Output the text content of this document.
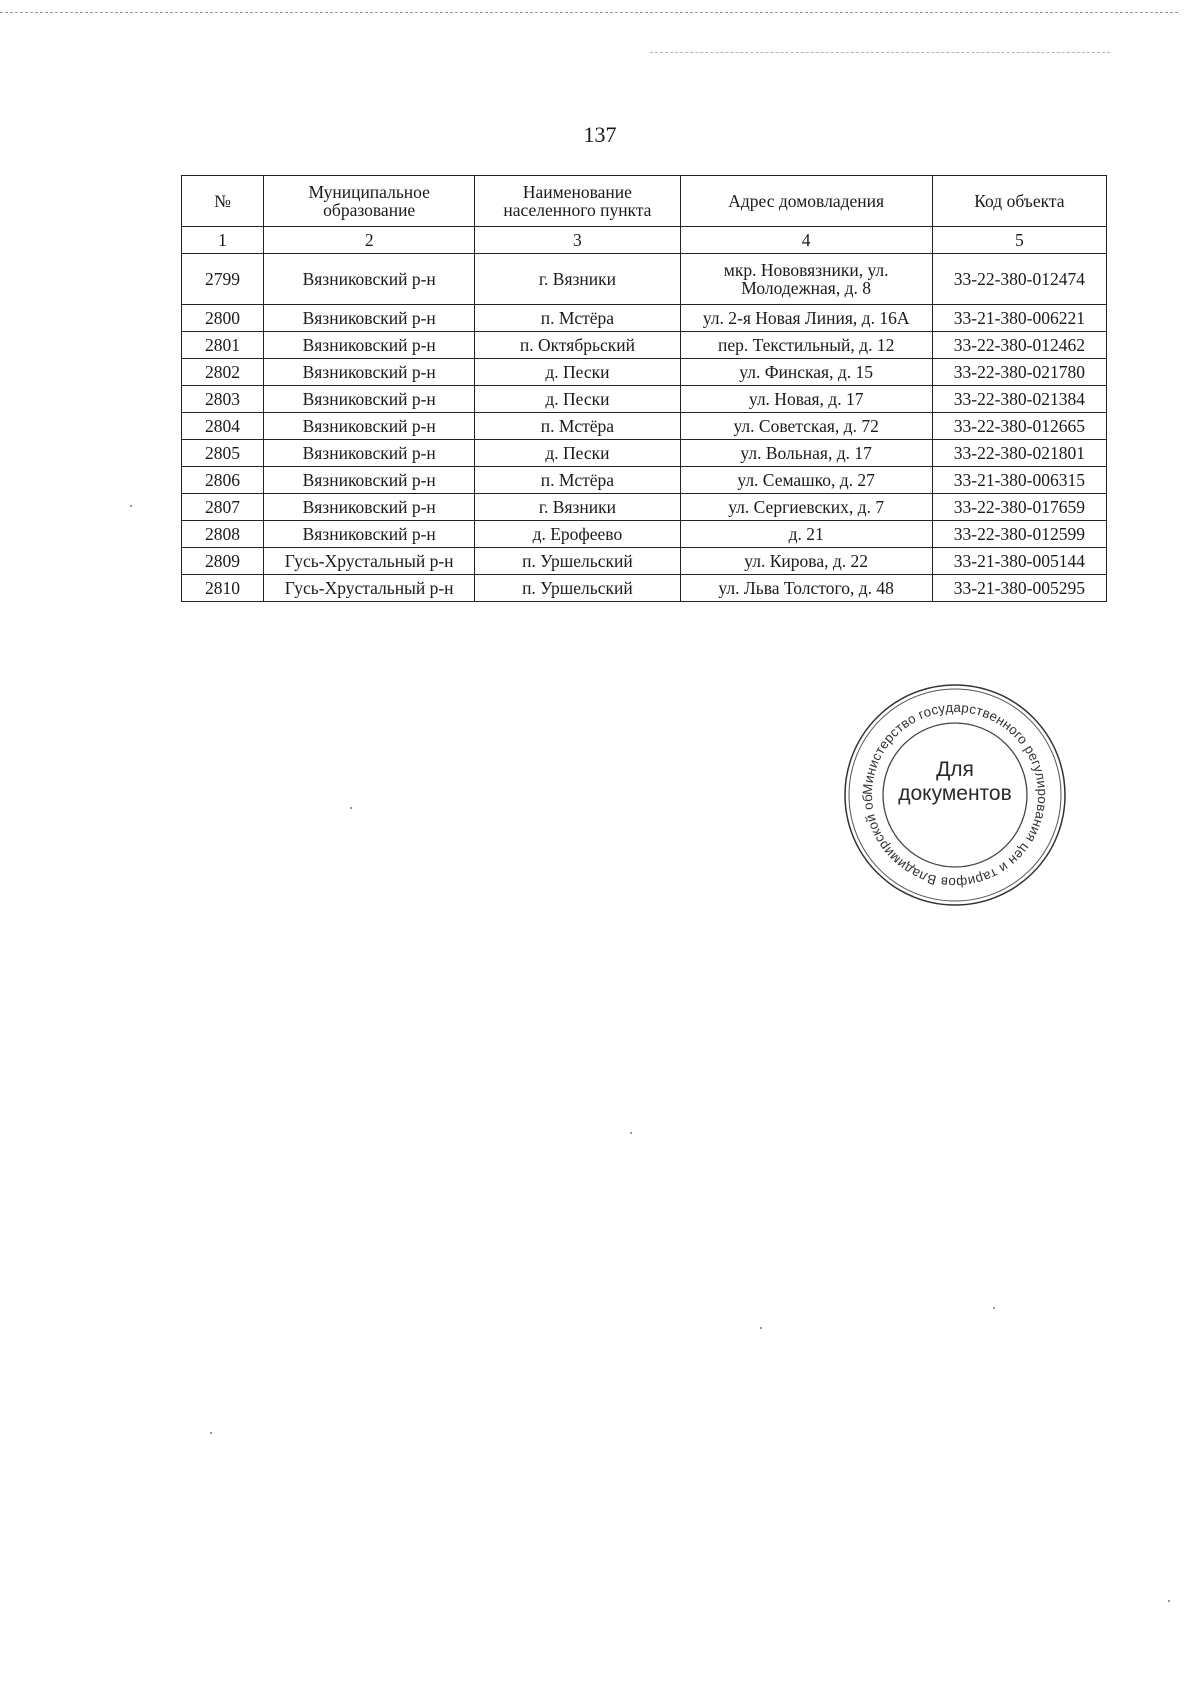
137
№	Муниципальное образование	Наименование населенного пункта	Адрес домовладения	Код объекта
1	2	3	4	5
2799	Вязниковский р-н	г. Вязники	мкр. Нововязники, ул. Молодежная, д. 8	33-22-380-012474
2800	Вязниковский р-н	п. Мстёра	ул. 2-я Новая Линия, д. 16А	33-21-380-006221
2801	Вязниковский р-н	п. Октябрьский	пер. Текстильный, д. 12	33-22-380-012462
2802	Вязниковский р-н	д. Пески	ул. Финская, д. 15	33-22-380-021780
2803	Вязниковский р-н	д. Пески	ул. Новая, д. 17	33-22-380-021384
2804	Вязниковский р-н	п. Мстёра	ул. Советская, д. 72	33-22-380-012665
2805	Вязниковский р-н	д. Пески	ул. Вольная, д. 17	33-22-380-021801
2806	Вязниковский р-н	п. Мстёра	ул. Семашко, д. 27	33-21-380-006315
2807	Вязниковский р-н	г. Вязники	ул. Сергиевских, д. 7	33-22-380-017659
2808	Вязниковский р-н	д. Ерофеево	д. 21	33-22-380-012599
2809	Гусь-Хрустальный р-н	п. Уршельский	ул. Кирова, д. 22	33-21-380-005144
2810	Гусь-Хрустальный р-н	п. Уршельский	ул. Льва Толстого, д. 48	33-21-380-005295
Министерство государственного регулирования цен и тарифов Владимирской об
Для
документов
